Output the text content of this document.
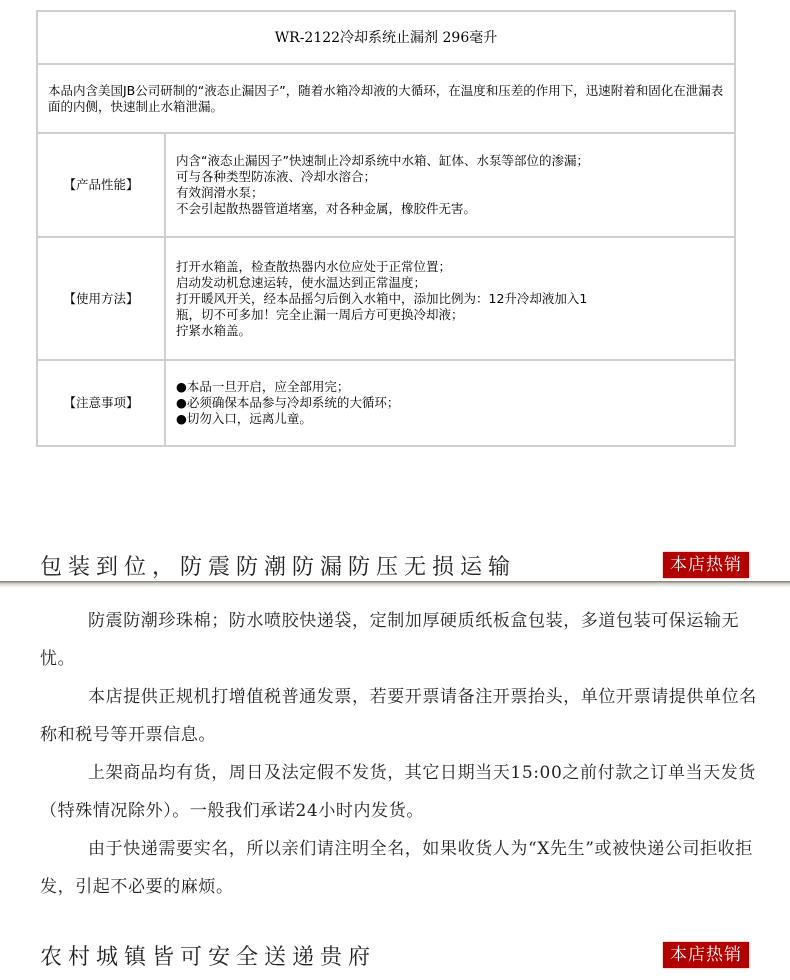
WR-2122冷却系统止漏剂 296毫升	
本品内含美国JB公司研制的“液态止漏因子”，随着水箱冷却液的大循环，在温度和压差的作用下，迅速附着和固化在泄漏表面的内侧，快速制止水箱泄漏。	
【产品性能】	内含“液态止漏因子”快速制止冷却系统中水箱、缸体、水泵等部位的渗漏；
可与各种类型防冻液、冷却水溶合；
有效润滑水泵；
不会引起散热器管道堵塞，对各种金属，橡胶件无害。

【使用方法】	打开水箱盖，检查散热器内水位应处于正常位置；
启动发动机怠速运转，使水温达到正常温度；
打开暖风开关，经本品摇匀后倒入水箱中，添加比例为：12升冷却液加入1
瓶，切不可多加！完全止漏一周后方可更换冷却液；
拧紧水箱盖。

【注意事项】	●本品一旦开启，应全部用完；
●必须确保本品参与冷却系统的大循环；
●切勿入口，远离儿童。
包装到位，防震防潮防漏防压无损运输	本店热销

防震防潮珍珠棉；防水喷胶快递袋，定制加厚硬质纸板盒包装，多道包装可保运输无忧。

本店提供正规机打增值税普通发票，若要开票请备注开票抬头，单位开票请提供单位名称和税号等开票信息。

上架商品均有货，周日及法定假不发货，其它日期当天15:00之前付款之订单当天发货（特殊情况除外）。一般我们承诺24小时内发货。

由于快递需要实名，所以亲们请注明全名，如果收货人为“X先生”或被快递公司拒收拒发，引起不必要的麻烦。

农村城镇皆可安全送递贵府	本店热销
